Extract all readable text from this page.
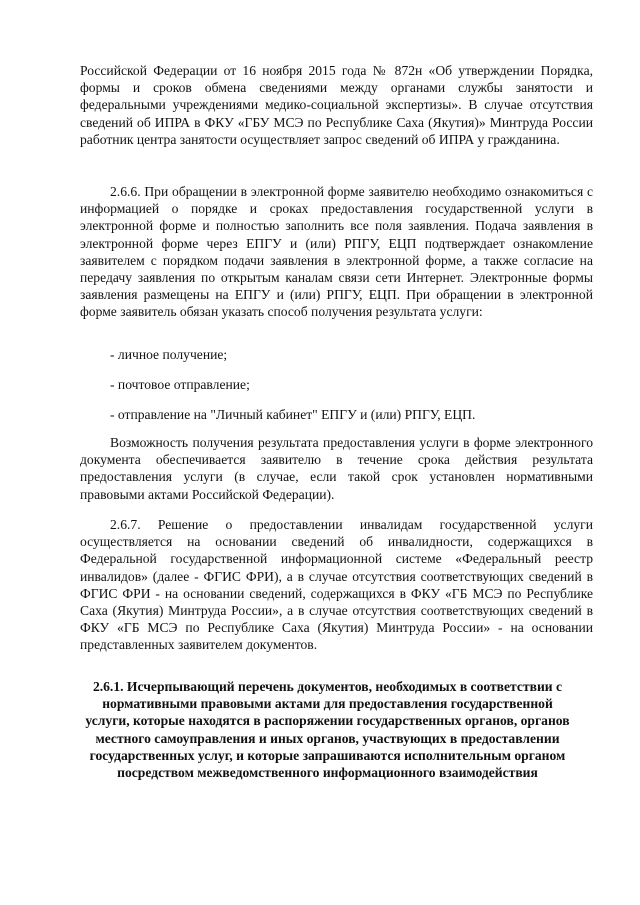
Российской Федерации от 16 ноября 2015 года № 872н «Об утверждении Порядка, формы и сроков обмена сведениями между органами службы занятости и федеральными учреждениями медико-социальной экспертизы». В случае отсутствия сведений об ИПРА в ФКУ «ГБУ МСЭ по Республике Саха (Якутия)» Минтруда России работник центра занятости осуществляет запрос сведений об ИПРА у гражданина.

2.6.6. При обращении в электронной форме заявителю необходимо ознакомиться с информацией о порядке и сроках предоставления государственной услуги в электронной форме и полностью заполнить все поля заявления. Подача заявления в электронной форме через ЕПГУ и (или) РПГУ, ЕЦП подтверждает ознакомление заявителем с порядком подачи заявления в электронной форме, а также согласие на передачу заявления по открытым каналам связи сети Интернет. Электронные формы заявления размещены на ЕПГУ и (или) РПГУ, ЕЦП. При обращении в электронной форме заявитель обязан указать способ получения результата услуги:

- личное получение;

- почтовое отправление;

- отправление на "Личный кабинет" ЕПГУ и (или) РПГУ, ЕЦП.

Возможность получения результата предоставления услуги в форме электронного документа обеспечивается заявителю в течение срока действия результата предоставления услуги (в случае, если такой срок установлен нормативными правовыми актами Российской Федерации).

2.6.7. Решение о предоставлении инвалидам государственной услуги осуществляется на основании сведений об инвалидности, содержащихся в Федеральной государственной информационной системе «Федеральный реестр инвалидов» (далее - ФГИС ФРИ), а в случае отсутствия соответствующих сведений в ФГИС ФРИ - на основании сведений, содержащихся в ФКУ «ГБ МСЭ по Республике Саха (Якутия) Минтруда России», а в случае отсутствия соответствующих сведений в ФКУ «ГБ МСЭ по Республике Саха (Якутия) Минтруда России» - на основании представленных заявителем документов.

2.6.1. Исчерпывающий перечень документов, необходимых в соответствии с нормативными правовыми актами для предоставления государственной услуги, которые находятся в распоряжении государственных органов, органов местного самоуправления и иных органов, участвующих в предоставлении государственных услуг, и которые запрашиваются исполнительным органом посредством межведомственного информационного взаимодействия
